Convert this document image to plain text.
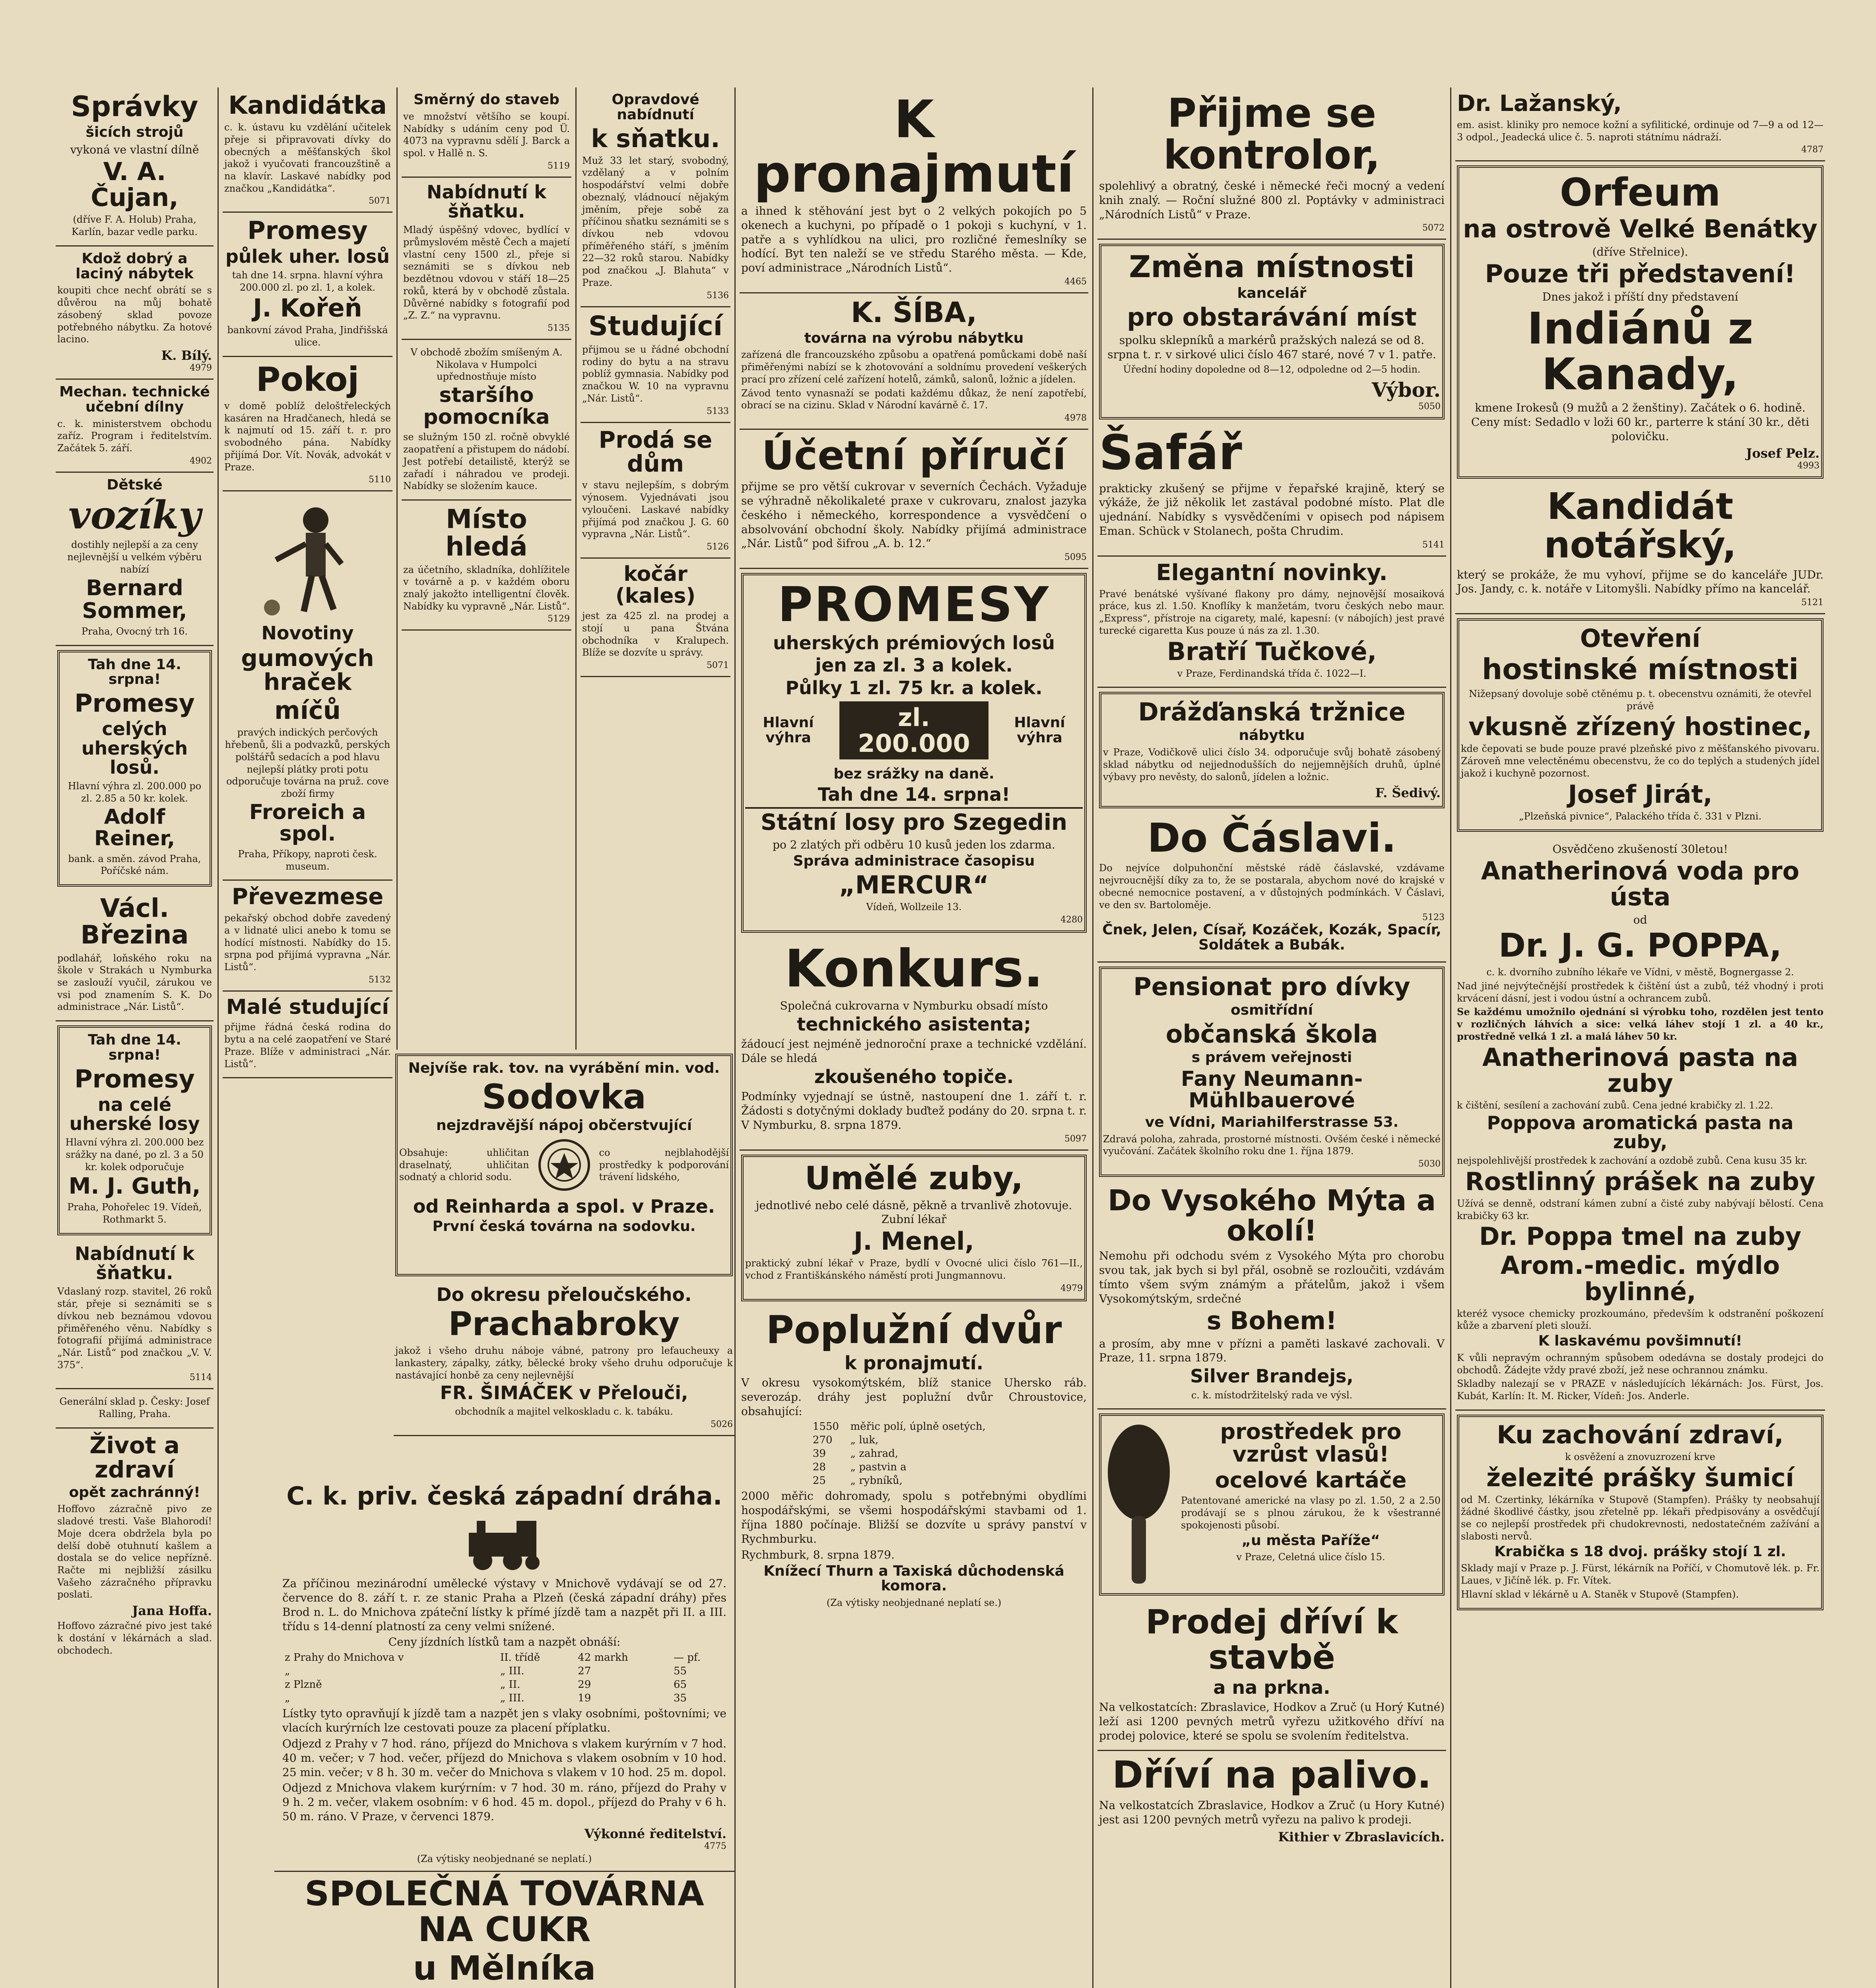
Správky
šicích strojů
vykoná ve vlastní dílně
V. A. Čujan,
(dříve F. A. Holub) Praha, Karlín, bazar vedle parku.
Kdož dobrý a laciný nábytek
koupiti chce nechť obrátí se s důvěrou na můj bohatě zásobený sklad povoze potřebného nábytku. Za hotové lacino.
K. Bílý.
4979
Mechan. technické učební dílny
c. k. ministerstvem obchodu zaříz. Program i ředitelstvím. Začátek 5. září.
4902
Dětské
vozíky
dostihly nejlepší a za ceny nejlevnější u velkém výběru nabízí
Bernard Sommer,
Praha, Ovocný trh 16.
Tah dne 14. srpna!
Promesy
celých uherských losů.
Hlavní výhra zl. 200.000 po zl. 2.85 a 50 kr. kolek.
Adolf Reiner,
bank. a směn. závod Praha, Poříčské nám.
Václ. Březina
podlahář, loňského roku na škole v Strakách u Nymburka se zaslouží vyučil, zárukou ve vsi pod znamením S. K. Do administrace „Nár. Listů“.
Tah dne 14. srpna!
Promesy
na celé uherské losy
Hlavní výhra zl. 200.000 bez srážky na dané, po zl. 3 a 50 kr. kolek odporučuje
M. J. Guth,
Praha, Pohořelec 19. Vídeň, Rothmarkt 5.
Nabídnutí k šňatku.
Vdaslaný rozp. stavitel, 26 roků stár, přeje si seznámiti se s dívkou neb beznámou vdovou přiměřeného věnu. Nabídky s fotografií přijímá administrace „Nár. Listů“ pod značkou „V. V. 375“.
5114
Generální sklad p. Česky: Josef Ralling, Praha.
Život a zdraví
opět zachránný!
Hoffovo zázračně pivo ze sladové tresti. Vaše Blahorodí! Moje dcera obdržela byla po delší době otuhnutí kašlem a dostala se do velice nepřízně. Račte mi nejbližší zásilku Vašeho zázračného přípravku poslati.
Jana Hoffa.
Hoffovo zázračné pivo jest také k dostání v lékárnách a slad. obchodech.
Kandidátka
c. k. ústavu ku vzdělání učitelek přeje si připravovati dívky do obecných a měšťanských škol jakož i vyučovati francouzštině a na klavír. Laskavé nabídky pod značkou „Kandidátka“.
5071
Promesy
půlek uher. losů
tah dne 14. srpna. hlavní výhra 200.000 zl. po zl. 1, a kolek.
J. Kořeň
bankovní závod Praha, Jindřišská ulice.
Pokoj
v domě poblíž deloštřeleckých kasáren na Hradčanech, hledá se k najmutí od 15. září t. r. pro svobodného pána. Nabídky přijímá Dor. Vít. Novák, advokát v Praze.
5110
Novotiny
gumových hraček
míčů
pravých indických perčových hřebenů, šli a podvazků, perských polštářů sedacích a pod hlavu nejlepší plátky proti potu odporučuje továrna na pruž. cove zboží firmy
Froreich a spol.
Praha, Příkopy, naproti česk. museum.
Převezmese
pekařský obchod dobře zavedený a v lidnaté ulici anebo k tomu se hodící místnosti. Nabídky do 15. srpna pod přijímá vypravna „Nár. Listů“.
5132
Malé studující
přijme řádná česká rodina do bytu a na celé zaopatření ve Staré Praze. Blíže v administraci „Nár. Listů“.
Směrný do staveb
ve množství většího se koupí. Nabídky s udáním ceny pod Ü. 4073 na vypravnu sdělí J. Barck a spol. v Hallě n. S.
5119
Nabídnutí k šňatku.
Mladý úspěšný vdovec, bydlící v průmyslovém městě Čech a majetí vlastní ceny 1500 zl., přeje si seznámiti se s dívkou neb bezdětnou vdovou v stáří 18—25 roků, která by v obchodě zůstala. Důvěrné nabídky s fotografií pod „Z. Z.“ na vypravnu.
5135
V obchodě zbožím smíšeným A. Nikolava v Humpolci upřednostňuje místo
staršího pomocníka
se služným 150 zl. ročně obvyklé zaopatření a přistupem do nádobí. Jest potřebí detailistě, kterýž se zařadí i náhradou ve prodeji. Nabídky se složením kauce.
Místo hledá
za účetního, skladníka, dohlížitele v továrně a p. v každém oboru znalý jakožto intelligentní člověk. Nabídky ku vypravně „Nár. Listů“.
5129
Opravdové nabídnutí
k sňatku.
Muž 33 let starý, svobodný, vzdělaný a v polním hospodářství velmi dobře obeznalý, vládnoucí nějakým jměním, přeje sobě za příčinou sňatku seznámiti se s dívkou neb vdovou příměřeného stáří, s jměním 22—32 roků starou. Nabídky pod značkou „J. Blahuta“ v Praze.
5136
Studující
přijmou se u řádné obchodní rodiny do bytu a na stravu poblíž gymnasia. Nabídky pod značkou W. 10 na vypravnu „Nár. Listů“.
5133
Prodá se dům
v stavu nejlepším, s dobrým výnosem. Vyjednávati jsou vyloučeni. Laskavé nabídky přijímá pod značkou J. G. 60 vypravna „Nár. Listů“.
5126
kočár (kales)
jest za 425 zl. na prodej a stojí u pana Štvána obchodníka v Kralupech. Blíže se dozvíte u správy.
5071
Nejvíše rak. tov. na vyrábění min. vod.
Sodovka
nejzdravější nápoj občerstvující
Obsahuje: uhličitan draselnatý, uhličitan sodnatý a chlorid sodu.
co nejblahodější prostředky k podporování trávení lidského,
od Reinharda a spol. v Praze.
První česká továrna na sodovku.
Do okresu přeloučského.
Prachabroky
jakož i všeho druhu náboje vábné, patrony pro lefaucheuxy a lankastery, zápalky, zátky, bělecké broky všeho druhu odporučuje k nastávající honbě za ceny nejlevnější
FR. ŠIMÁČEK v Přelouči,
obchodník a majitel velkoskladu c. k. tabáku.
5026
C. k. priv. česká západní dráha.
Za příčinou mezinárodní umělecké výstavy v Mnichově vydávají se od 27. července do 8. září t. r. ze stanic Praha a Plzeň (česká západní dráhy) přes Brod n. L. do Mnichova zpáteční lístky k přímé jízdě tam a nazpět při II. a III. třídu s 14-denní platností za ceny velmi snížené.
Ceny jízdních lístků tam a nazpět obnáší:
z Prahy do Mnichova v	II. třídě	42 markh	— pf.
„	„ III.	27	55
z Plzně	„ II.	29	65
„	„ III.	19	35
Lístky tyto opravňují k jízdě tam a nazpět jen s vlaky osobními, poštovními; ve vlacích kurýrních lze cestovati pouze za placení příplatku.
Odjezd z Prahy v 7 hod. ráno, příjezd do Mnichova s vlakem kurýrním v 7 hod. 40 m. večer; v 7 hod. večer, příjezd do Mnichova s vlakem osobním v 10 hod. 25 min. večer; v 8 h. 30 m. večer do Mnichova s vlakem v 10 hod. 25 m. dopol.
Odjezd z Mnichova vlakem kurýrním: v 7 hod. 30 m. ráno, příjezd do Prahy v 9 h. 2 m. večer, vlakem osobním: v 6 hod. 45 m. dopol., příjezd do Prahy v 6 h. 50 m. ráno. V Praze, v červenci 1879.
Výkonné ředitelství.
4775
(Za výtisky neobjednané se neplatí.)
SPOLEČNÁ TOVÁRNA NA CUKR
u Mělníka
K pronajmutí
a ihned k stěhování jest byt o 2 velkých pokojích po 5 okenech a kuchyni, po případě o 1 pokoji s kuchyní, v 1. patře a s vyhlídkou na ulici, pro rozličné řemeslníky se hodící. Byt ten naleží se ve středu Starého města. — Kde, poví administrace „Národních Listů“.
4465
K. ŠÍBA,
továrna na výrobu nábytku
zařízená dle francouzského způsobu a opatřená pomůckami době naší přiměřenými nabízí se k zhotovování a soldnímu provedení veškerých prací pro zřízení celé zařízení hotelů, zámků, salonů, ložnic a jídelen.
Závod tento vynasnaží se podati každému důkaz, že není zapotřebí, obrací se na cizinu. Sklad v Národní kavárně č. 17.
4978
Účetní příručí
přijme se pro větší cukrovar v severních Čechách. Vyžaduje se výhradně několikaleté praxe v cukrovaru, znalost jazyka českého i německého, korrespondence a vysvědčení o absolvování obchodní školy. Nabídky přijímá administrace „Nár. Listů“ pod šifrou „A. b. 12.“
5095
PROMESY
uherských prémiových losů
jen za zl. 3 a kolek.
Půlky 1 zl. 75 kr. a kolek.
Hlavní výhra
zl. 200.000
Hlavní výhra
bez srážky na daně.
Tah dne 14. srpna!
Státní losy pro Szegedin
po 2 zlatých při odběru 10 kusů jeden los zdarma.
Správa administrace časopisu
„MERCUR“
Vídeň, Wollzeile 13.
4280
Konkurs.
Společná cukrovarna v Nymburku obsadí místo
technického asistenta;
žádoucí jest nejméně jednoroční praxe a technické vzdělání. Dále se hledá
zkoušeného topiče.
Podmínky vyjednají se ústně, nastoupení dne 1. září t. r. Žádosti s dotyčnými doklady buďtež podány do 20. srpna t. r. V Nymburku, 8. srpna 1879.
5097
Umělé zuby,
jednotlivé nebo celé dásně, pěkně a trvanlivě zhotovuje. Zubní lékař
J. Menel,
praktický zubní lékař v Praze, bydlí v Ovocné ulici číslo 761—II., vchod z Františkánského náměstí proti Jungmannovu.
4979
Poplužní dvůr
k pronajmutí.
V okresu vysokomýtském, blíž stanice Uhersko ráb. severozáp. dráhy jest poplužní dvůr Chroustovice, obsahující:
1550	měřic polí, úplně osetých,
270	„ luk,
39	„ zahrad,
28	„ pastvin a
25	„ rybníků,
2000 měřic dohromady, spolu s potřebnými obydlími hospodářskými, se všemi hospodářskými stavbami od 1. října 1880 počínaje. Bližší se dozvíte u správy panství v Rychmburku.
Rychmburk, 8. srpna 1879.
Knížecí Thurn a Taxiská důchodenská komora.
(Za výtisky neobjednané neplatí se.)
Přijme se kontrolor,
spolehlivý a obratný, české i německé řeči mocný a vedení knih znalý. — Roční služné 800 zl. Poptávky v administraci „Národních Listů“ v Praze.
5072
Změna místnosti
kancelář
pro obstarávání míst
spolku sklepníků a markérů pražských nalezá se od 8. srpna t. r. v sirkové ulici číslo 467 staré, nové 7 v 1. patře.
Úřední hodiny dopoledne od 8—12, odpoledne od 2—5 hodin.
Výbor.
5050
Šafář
prakticky zkušený se přijme v řepařské krajině, který se výkáže, že již několik let zastával podobné místo. Plat dle ujednání. Nabídky s vysvědčeními v opisech pod nápisem Eman. Schück v Stolanech, pošta Chrudim.
5141
Elegantní novinky.
Pravé benátské vyšívané flakony pro dámy, nejnovější mosaiková práce, kus zl. 1.50. Knoflíky k manžetám, tvoru českých nebo maur. „Express“, přístroje na cigarety, malé, kapesní: (v nábojích) jest pravé turecké cigaretta Kus pouze ú nás za zl. 1.30.
Bratří Tučkové,
v Praze, Ferdinandská třída č. 1022—I.
Drážďanská tržnice
nábytku
v Praze, Vodičkově ulici číslo 34. odporučuje svůj bohatě zásobený sklad nábytku od nejjednodušších do nejjemnějších druhů, úplné výbavy pro nevěsty, do salonů, jídelen a ložnic.
F. Šedivý.
Do Čáslavi.
Do nejvíce dolpuhonční městské rádě čáslavské, vzdávame nejvroucnější díky za to, že se postarala, abychom nové do krajské v obecné nemocnice postavení, a v důstojných podmínkách. V Čáslavi, ve den sv. Bartoloměje.
5123
Čnek, Jelen, Císař, Kozáček, Kozák, Spacír, Soldátek a Bubák.
Pensionat pro dívky
osmitřídní
občanská škola
s právem veřejnosti
Fany Neumann-Mühlbauerové
ve Vídni, Mariahilferstrasse 53.
Zdravá poloha, zahrada, prostorné místnosti. Ovšém české i německé vyučování. Začátek školního roku dne 1. října 1879.
5030
Do Vysokého Mýta a okolí!
Nemohu při odchodu svém z Vysokého Mýta pro chorobu svou tak, jak bych si byl přál, osobně se rozloučiti, vzdávám tímto všem svým známým a přátelům, jakož i všem Vysokomýtským, srdečné
s Bohem!
a prosím, aby mne v přízni a paměti laskavé zachovali. V Praze, 11. srpna 1879.
Silver Brandejs,
c. k. místodržitelský rada ve výsl.
prostředek pro vzrůst vlasů!
ocelové kartáče
Patentované americké na vlasy po zl. 1.50, 2 a 2.50 prodávají se s plnou zárukou, že k všestranné spokojenosti působí.
„u města Paříže“
v Praze, Celetná ulice číslo 15.
Prodej dříví k stavbě
a na prkna.
Na velkostatcích: Zbraslavice, Hodkov a Zruč (u Horý Kutné) leží asi 1200 pevných metrů vyřezu užitkového dříví na prodej polovice, které se spolu se svolením ředitelstva.
Dříví na palivo.
Na velkostatcích Zbraslavice, Hodkov a Zruč (u Hory Kutné) jest asi 1200 pevných metrů vyřezu na palivo k prodeji.
Kithier v Zbraslavicích.
Dr. Lažanský,
em. asist. kliniky pro nemoce kožní a syfilitické, ordinuje od 7—9 a od 12—3 odpol., Jeadecká ulice č. 5. naproti státnímu nádraží.
4787
Orfeum
na ostrově Velké Benátky
(dříve Střelnice).
Pouze tři představení!
Dnes jakož i příští dny představení
Indiánů z Kanady,
kmene Irokesů (9 mužů a 2 ženštiny). Začátek o 6. hodině. Ceny míst: Sedadlo v loži 60 kr., parterre k stání 30 kr., děti polovičku.
Josef Pelz.
4993
Kandidát notářský,
který se prokáže, že mu vyhoví, přijme se do kanceláře JUDr. Jos. Jandy, c. k. notáře v Litomyšli. Nabídky přímo na kancelář.
5121
Otevření
hostinské místnosti
Nižepsaný dovoluje sobě ctěnému p. t. obecenstvu oznámiti, že otevřel právě
vkusně zřízený hostinec,
kde čepovati se bude pouze pravé plzeňské pivo z měšťanského pivovaru. Zároveň mne velectěnému obecenstvu, že co do teplých a studených jídel jakož i kuchyně pozornost.
Josef Jirát,
„Plzeňská pivnice“, Palackého třída č. 331 v Plzni.
Osvědčeno zkušeností 30letou!
Anatherinová voda pro ústa
od
Dr. J. G. POPPA,
c. k. dvorního zubního lékaře ve Vídni, v městě, Bognergasse 2.
Nad jiné nejvýtečnější prostředek k čištění úst a zubů, též vhodný i proti krvácení dásní, jest i vodou ústní a ochrancem zubů.
Se každému umožnilo ojednání si výrobku toho, rozdělen jest tento v rozličných láhvích a sice: velká láhev stojí 1 zl. a 40 kr., prostředně velká 1 zl. a malá láhev 50 kr.
Anatherinová pasta na zuby
k čištění, sesílení a zachování zubů. Cena jedné krabičky zl. 1.22.
Poppova aromatická pasta na zuby,
nejspolehlivější prostředek k zachování a ozdobě zubů. Cena kusu 35 kr.
Rostlinný prášek na zuby
Užívá se denně, odstraní kámen zubní a čisté zuby nabývají bělostí. Cena krabičky 63 kr.
Dr. Poppa tmel na zuby
Arom.-medic. mýdlo bylinné,
kteréž vysoce chemicky prozkoumáno, především k odstranění poškození kůže a zbarvení pleti slouží.
K laskavému povšimnutí!
K vůli nepravým ochranným spůsobem odedávna se dostaly prodejci do obchodů. Žádejte vždy pravé zboží, jež nese ochrannou známku.
Skladby nalezají se v PRAZE v následujících lékárnách: Jos. Fürst, Jos. Kubát, Karlín: It. M. Ricker, Vídeň: Jos. Anderle.
Ku zachování zdraví,
k osvěžení a znovuzrození krve
železité prášky šumicí
od M. Czertinky, lékárníka v Stupově (Stampfen). Prášky ty neobsahují žádné škodlivé částky, jsou zřetelně pp. lékaři předpisovány a osvědčují se co nejlepší prostředek při chudokrevnosti, nedostatečném zažívání a slabosti nervů.
Krabička s 18 dvoj. prášky stojí 1 zl.
Sklady mají v Praze p. J. Fürst, lékárník na Poříčí, v Chomutově lék. p. Fr. Laues, v Jičíně lék. p. Fr. Vítek.
Hlavní sklad v lékárně u A. Staněk v Stupově (Stampfen).
